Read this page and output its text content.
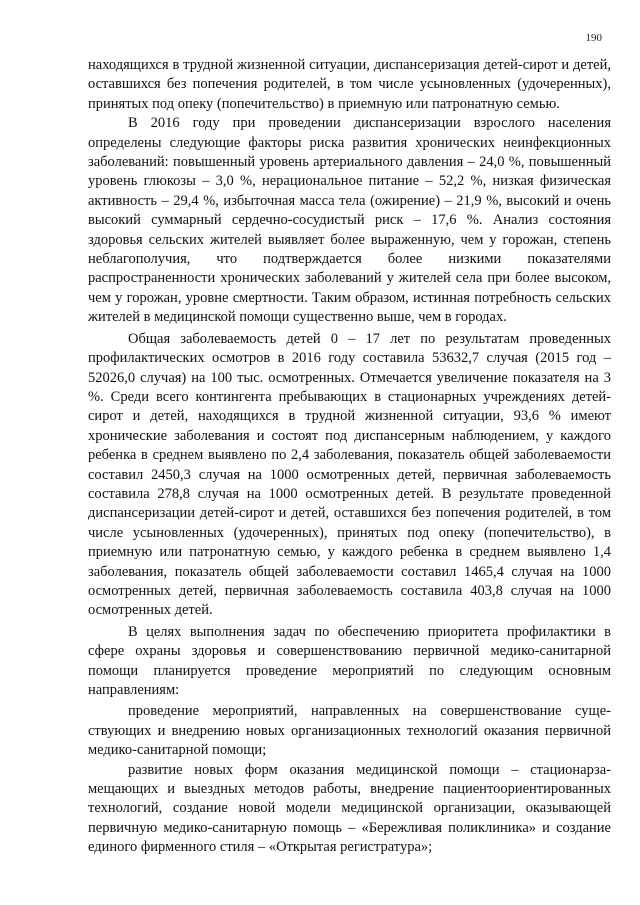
190

находящихся в трудной жизненной ситуации, диспансеризация детей-сирот и детей, оставшихся без попечения родителей, в том числе усыновленных (удочеренных), принятых под опеку (попечительство) в приемную или патронатную семью.

В 2016 году при проведении диспансеризации взрослого населения определены следующие факторы риска развития хронических неинфекционных заболеваний: повышенный уровень артериального давления – 24,0 %, повышенный уровень глюкозы – 3,0 %, нерациональное питание – 52,2 %, низкая физическая активность – 29,4 %, избыточная масса тела (ожирение) – 21,9 %, высокий и очень высокий суммарный сердечно-сосудистый риск – 17,6 %. Анализ состояния здоровья сельских жителей выявляет более выраженную, чем у горожан, степень неблагополучия, что подтверждается более низкими показателями распространенности хронических заболеваний у жителей села при более высоком, чем у горожан, уровне смертности. Таким образом, истинная потребность сельских жителей в медицинской помощи существенно выше, чем в городах.

Общая заболеваемость детей 0 – 17 лет по результатам проведенных профилактических осмотров в 2016 году составила 53632,7 случая (2015 год – 52026,0 случая) на 100 тыс. осмотренных. Отмечается увеличение показателя на 3 %. Среди всего контингента пребывающих в стационарных учреждениях детей-сирот и детей, находящихся в трудной жизненной ситуации, 93,6 % имеют хронические заболевания и состоят под диспансерным наблюдением, у каждого ребенка в среднем выявлено по 2,4 заболевания, показатель общей заболеваемости составил 2450,3 случая на 1000 осмотренных детей, первичная заболеваемость составила 278,8 случая на 1000 осмотренных детей. В результате проведенной диспансеризации детей-сирот и детей, оставшихся без попечения родителей, в том числе усыновленных (удочеренных), принятых под опеку (попечительство), в приемную или патронатную семью, у каждого ребенка в среднем выявлено 1,4 заболевания, показатель общей заболеваемости составил 1465,4 случая на 1000 осмотренных детей, первичная заболеваемость составила 403,8 случая на 1000 осмотренных детей.

В целях выполнения задач по обеспечению приоритета профилактики в сфере охраны здоровья и совершенствованию первичной медико-санитарной помощи планируется проведение мероприятий по следующим основным направлениям:

проведение мероприятий, направленных на совершенствование существующих и внедрению новых организационных технологий оказания первичной медико-санитарной помощи;

развитие новых форм оказания медицинской помощи – стационарзамещающих и выездных методов работы, внедрение пациентоориентированных технологий, создание новой модели медицинской организации, оказывающей первичную медико-санитарную помощь – «Бережливая поликлиника» и создание единого фирменного стиля – «Открытая регистратура»;
